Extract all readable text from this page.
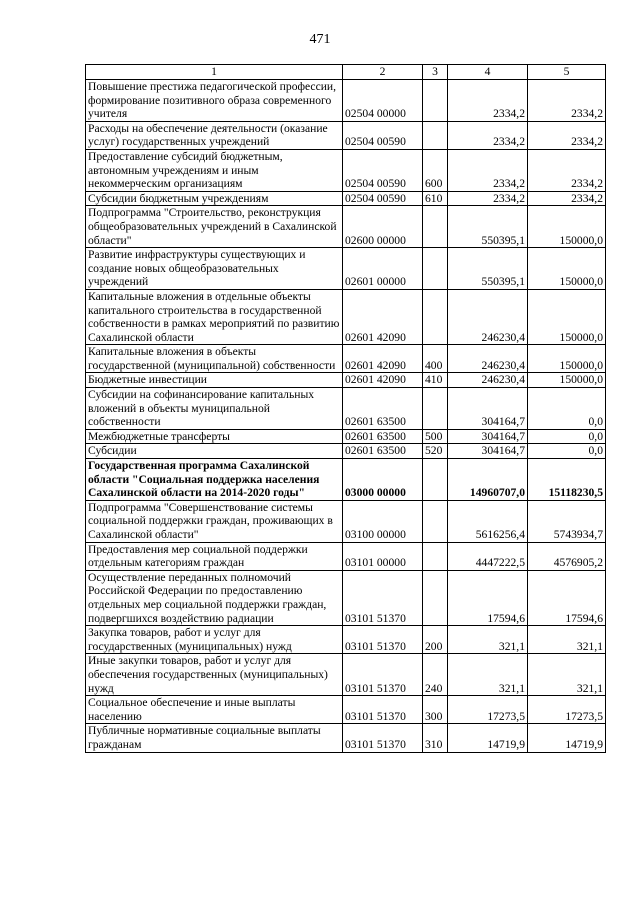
471
1	2	3	4	5
Повышение престижа педагогической профессии, формирование позитивного образа современного учителя	02504 00000		2334,2	2334,2
Расходы на обеспечение деятельности (оказание услуг) государственных учреждений	02504 00590		2334,2	2334,2
Предоставление субсидий бюджетным, автономным учреждениям и иным некоммерческим организациям	02504 00590	600	2334,2	2334,2
Субсидии бюджетным учреждениям	02504 00590	610	2334,2	2334,2
Подпрограмма "Строительство, реконструкция общеобразовательных учреждений в Сахалинской области"	02600 00000		550395,1	150000,0
Развитие инфраструктуры существующих и создание новых общеобразовательных учреждений	02601 00000		550395,1	150000,0
Капитальные вложения в отдельные объекты капитального строительства в государственной собственности в рамках мероприятий по развитию Сахалинской области	02601 42090		246230,4	150000,0
Капитальные вложения в объекты государственной (муниципальной) собственности	02601 42090	400	246230,4	150000,0
Бюджетные инвестиции	02601 42090	410	246230,4	150000,0
Субсидии на софинансирование капитальных вложений в объекты муниципальной собственности	02601 63500		304164,7	0,0
Межбюджетные трансферты	02601 63500	500	304164,7	0,0
Субсидии	02601 63500	520	304164,7	0,0
Государственная программа Сахалинской области "Социальная поддержка населения Сахалинской области на 2014-2020 годы"	03000 00000		14960707,0	15118230,5
Подпрограмма "Совершенствование системы социальной поддержки граждан, проживающих в Сахалинской области"	03100 00000		5616256,4	5743934,7
Предоставления мер социальной поддержки отдельным категориям граждан	03101 00000		4447222,5	4576905,2
Осуществление переданных полномочий Российской Федерации по предоставлению отдельных мер социальной поддержки граждан, подвергшихся воздействию радиации	03101 51370		17594,6	17594,6
Закупка товаров, работ и услуг для государственных (муниципальных) нужд	03101 51370	200	321,1	321,1
Иные закупки товаров, работ и услуг для обеспечения государственных (муниципальных) нужд	03101 51370	240	321,1	321,1
Социальное обеспечение и иные выплаты населению	03101 51370	300	17273,5	17273,5
Публичные нормативные социальные выплаты гражданам	03101 51370	310	14719,9	14719,9
